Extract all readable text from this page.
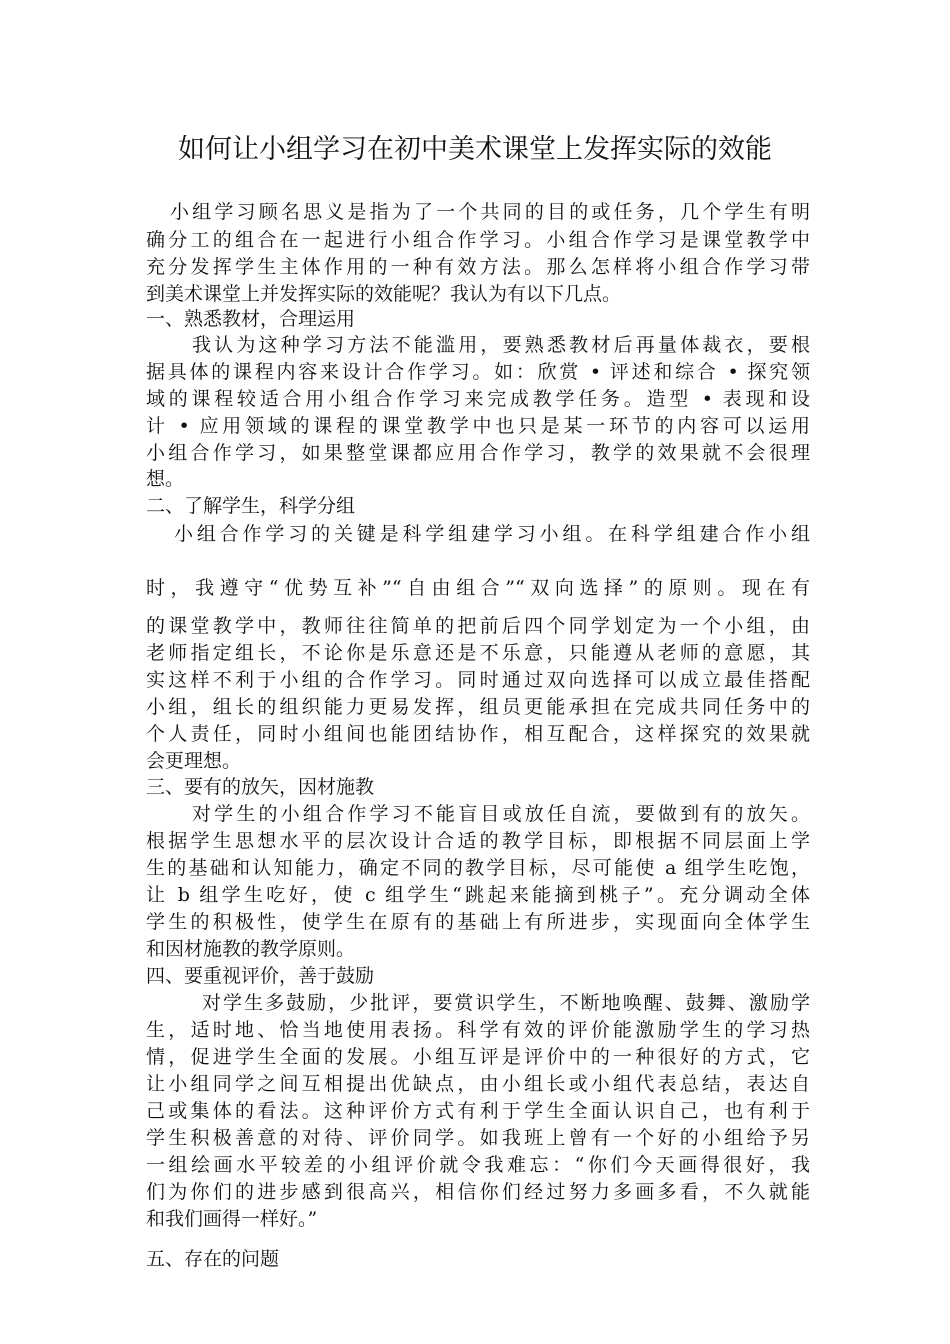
如何让小组学习在初中美术课堂上发挥实际的效能
小组学习顾名思义是指为了一个共同的目的或任务，几个学生有明
确分工的组合在一起进行小组合作学习。小组合作学习是课堂教学中
充分发挥学生主体作用的一种有效方法。那么怎样将小组合作学习带
到美术课堂上并发挥实际的效能呢？我认为有以下几点。
一、熟悉教材，合理运用
我认为这种学习方法不能滥用，要熟悉教材后再量体裁衣，要根
据具体的课程内容来设计合作学习。如：欣赏 • 评述和综合 • 探究领
域的课程较适合用小组合作学习来完成教学任务。造型 • 表现和设
计 • 应用领域的课程的课堂教学中也只是某一环节的内容可以运用
小组合作学习，如果整堂课都应用合作学习，教学的效果就不会很理
想。
二、了解学生，科学分组
小组合作学习的关键是科学组建学习小组。在科学组建合作小组
时，我遵守“优势互补”“自由组合”“双向选择”的原则。现在有
的课堂教学中，教师往往简单的把前后四个同学划定为一个小组，由
老师指定组长，不论你是乐意还是不乐意，只能遵从老师的意愿，其
实这样不利于小组的合作学习。同时通过双向选择可以成立最佳搭配
小组，组长的组织能力更易发挥，组员更能承担在完成共同任务中的
个人责任，同时小组间也能团结协作，相互配合，这样探究的效果就
会更理想。
三、要有的放矢，因材施教
对学生的小组合作学习不能盲目或放任自流，要做到有的放矢。
根据学生思想水平的层次设计合适的教学目标，即根据不同层面上学
生的基础和认知能力，确定不同的教学目标，尽可能使 a 组学生吃饱，
让 b 组学生吃好，使 c 组学生“跳起来能摘到桃子”。充分调动全体
学生的积极性，使学生在原有的基础上有所进步，实现面向全体学生
和因材施教的教学原则。
四、要重视评价，善于鼓励
对学生多鼓励，少批评，要赏识学生，不断地唤醒、鼓舞、激励学
生，适时地、恰当地使用表扬。科学有效的评价能激励学生的学习热
情，促进学生全面的发展。小组互评是评价中的一种很好的方式，它
让小组同学之间互相提出优缺点，由小组长或小组代表总结，表达自
己或集体的看法。这种评价方式有利于学生全面认识自己，也有利于
学生积极善意的对待、评价同学。如我班上曾有一个好的小组给予另
一组绘画水平较差的小组评价就令我难忘：“你们今天画得很好，我
们为你们的进步感到很高兴，相信你们经过努力多画多看，不久就能
和我们画得一样好。”
五、存在的问题
